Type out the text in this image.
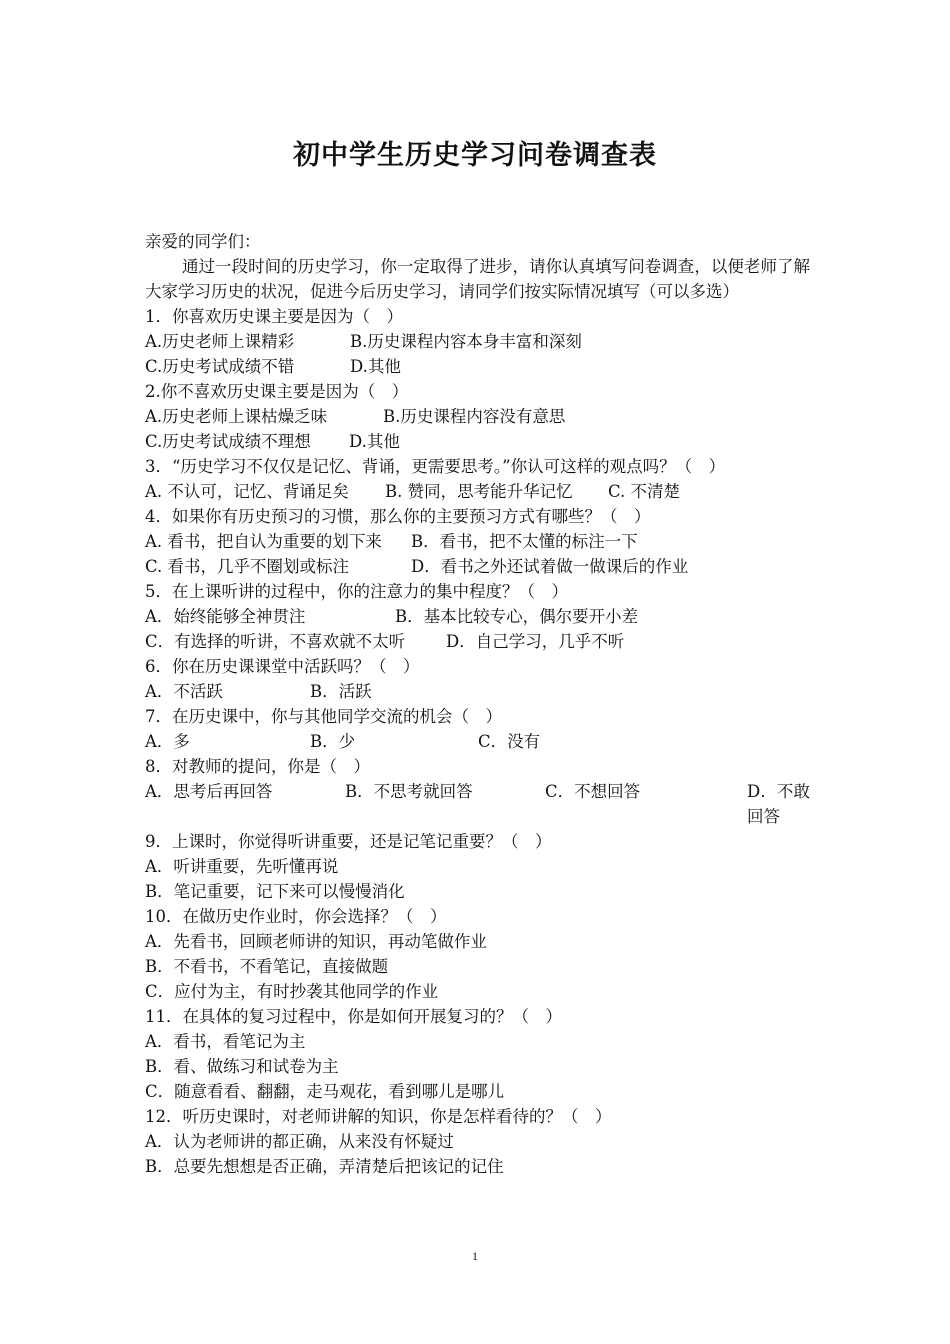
初中学生历史学习问卷调查表
亲爱的同学们：
通过一段时间的历史学习，你一定取得了进步，请你认真填写问卷调查，以便老师了解大家学习历史的状况，促进今后历史学习，请同学们按实际情况填写（可以多选）
1．你喜欢历史课主要是因为（　）
A.历史老师上课精彩	B.历史课程内容本身丰富和深刻
C.历史考试成绩不错	D.其他
2.你不喜欢历史课主要是因为（　）
A.历史老师上课枯燥乏味	B.历史课程内容没有意思
C.历史考试成绩不理想 D.其他
3．“历史学习不仅仅是记忆、背诵，更需要思考。”你认可这样的观点吗？（　）
A. 不认可，记忆、背诵足矣 B. 赞同，思考能升华记忆 C. 不清楚
4．如果你有历史预习的习惯，那么你的主要预习方式有哪些？（　）
A. 看书，把自认为重要的划下来 B．看书，把不太懂的标注一下
C. 看书，几乎不圈划或标注	D．看书之外还试着做一做课后的作业
5．在上课听讲的过程中，你的注意力的集中程度？（　）
A．始终能够全神贯注	B．基本比较专心，偶尔要开小差
C．有选择的听讲，不喜欢就不太听 D．自己学习，几乎不听
6．你在历史课课堂中活跃吗？（　）
A．不活跃	B．活跃
7．在历史课中，你与其他同学交流的机会（　）
A．多	B．少	C．没有
8．对教师的提问，你是（　）
A．思考后再回答	B．不思考就回答	C．不想回答	D．不敢回答
9．上课时，你觉得听讲重要，还是记笔记重要？（　）
A．听讲重要，先听懂再说
B．笔记重要，记下来可以慢慢消化
10．在做历史作业时，你会选择？（　）
A．先看书，回顾老师讲的知识，再动笔做作业
B．不看书，不看笔记，直接做题
C．应付为主，有时抄袭其他同学的作业
11．在具体的复习过程中，你是如何开展复习的？（　）
A．看书，看笔记为主
B．看、做练习和试卷为主
C．随意看看、翻翻，走马观花，看到哪儿是哪儿
12．听历史课时，对老师讲解的知识，你是怎样看待的？（　）
A．认为老师讲的都正确，从来没有怀疑过
B．总要先想想是否正确，弄清楚后把该记的记住
1
